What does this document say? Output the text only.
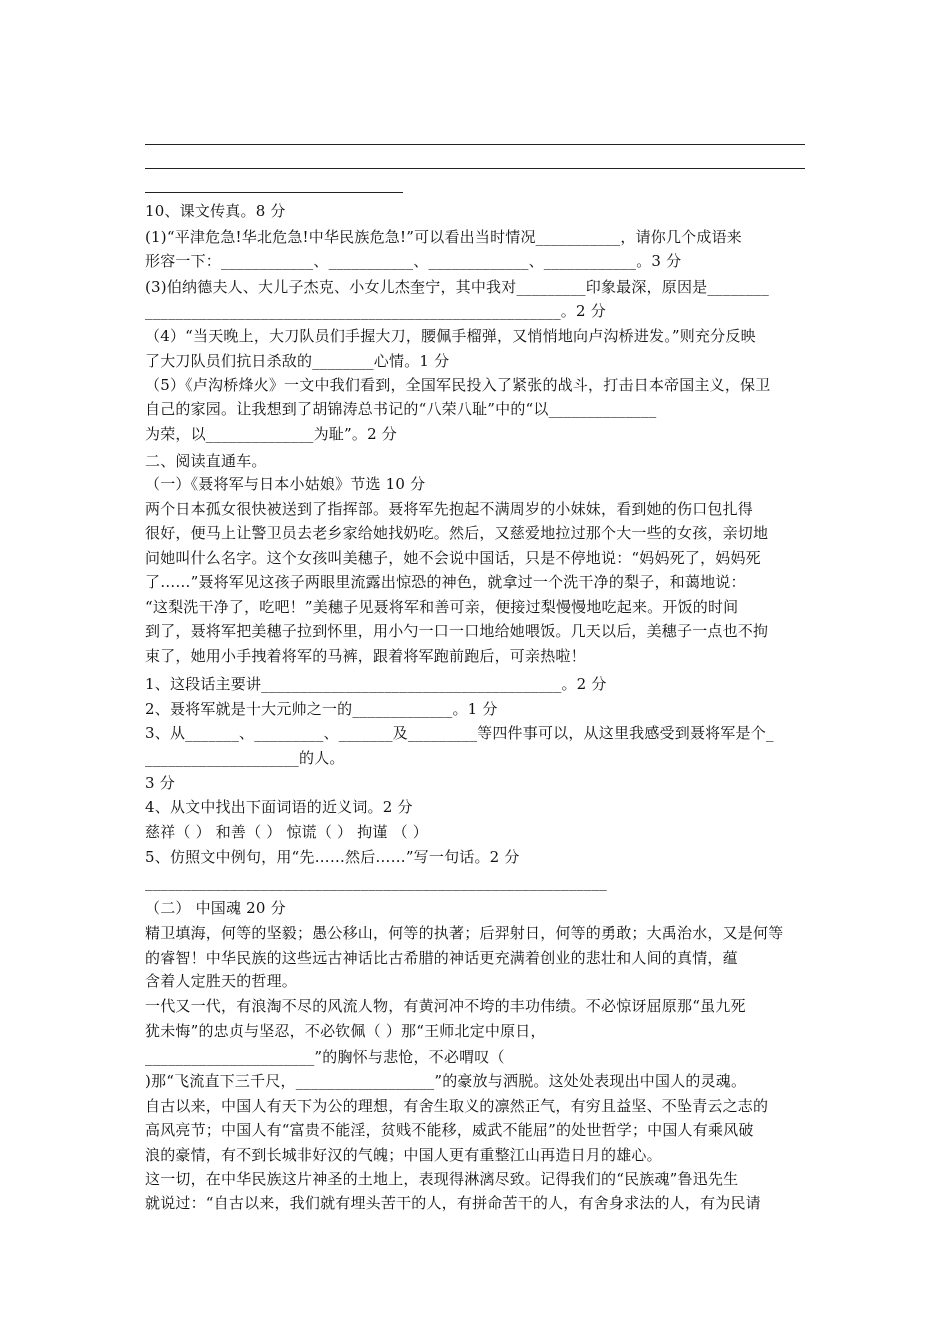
10、课文传真。8 分
(1)“平津危急!华北危急!中华民族危急!”可以看出当时情况___________，请你几个成语来
形容一下：____________、___________、_____________、____________。3 分
(3)伯纳德夫人、大儿子杰克、小女儿杰奎宁，其中我对_________印象最深，原因是________
______________________________________________________。2 分
（4）“当天晚上，大刀队员们手握大刀，腰佩手榴弹，又悄悄地向卢沟桥进发。”则充分反映
了大刀队员们抗日杀敌的________心情。1 分
（5）《卢沟桥烽火》一文中我们看到，全国军民投入了紧张的战斗，打击日本帝国主义，保卫
自己的家园。让我想到了胡锦涛总书记的“八荣八耻”中的“以______________
为荣，以______________为耻”。2 分
二、阅读直通车。
（一）《聂将军与日本小姑娘》节选 10 分
两个日本孤女很快被送到了指挥部。聂将军先抱起不满周岁的小妹妹，看到她的伤口包扎得
很好，便马上让警卫员去老乡家给她找奶吃。然后，又慈爱地拉过那个大一些的女孩，亲切地
问她叫什么名字。这个女孩叫美穗子，她不会说中国话，只是不停地说：“妈妈死了，妈妈死
了……”聂将军见这孩子两眼里流露出惊恐的神色，就拿过一个洗干净的梨子，和蔼地说：
“这梨洗干净了，吃吧！”美穗子见聂将军和善可亲，便接过梨慢慢地吃起来。开饭的时间
到了，聂将军把美穗子拉到怀里，用小勺一口一口地给她喂饭。几天以后，美穗子一点也不拘
束了，她用小手拽着将军的马裤，跟着将军跑前跑后，可亲热啦！
1、这段话主要讲_______________________________________。2 分
2、聂将军就是十大元帅之一的_____________。1 分
3、从_______、_________、_______及_________等四件事可以，从这里我感受到聂将军是个_
____________________的人。
3 分
4、从文中找出下面词语的近义词。2 分
慈祥（ ） 和善（ ） 惊谎（ ） 拘谨 （ ）
5、仿照文中例句，用“先……然后……”写一句话。2 分
____________________________________________________________
（二） 中国魂 20 分
精卫填海，何等的坚毅；愚公移山，何等的执著；后羿射日，何等的勇敢；大禹治水，又是何等
的睿智！中华民族的这些远古神话比古希腊的神话更充满着创业的悲壮和人间的真情，蕴
含着人定胜天的哲理。
一代又一代，有浪淘不尽的风流人物，有黄河冲不垮的丰功伟绩。不必惊讶屈原那“虽九死
犹未悔”的忠贞与坚忍，不必钦佩（ ）那“王师北定中原日，
______________________”的胸怀与悲怆，不必喟叹（
)那“飞流直下三千尺，__________________”的豪放与洒脱。这处处表现出中国人的灵魂。
自古以来，中国人有天下为公的理想，有舍生取义的凛然正气，有穷且益坚、不坠青云之志的
高风亮节；中国人有“富贵不能淫，贫贱不能移，威武不能屈”的处世哲学；中国人有乘风破
浪的豪情，有不到长城非好汉的气魄；中国人更有重整江山再造日月的雄心。
这一切，在中华民族这片神圣的土地上，表现得淋漓尽致。记得我们的“民族魂”鲁迅先生
就说过：“自古以来，我们就有埋头苦干的人，有拼命苦干的人，有舍身求法的人，有为民请
